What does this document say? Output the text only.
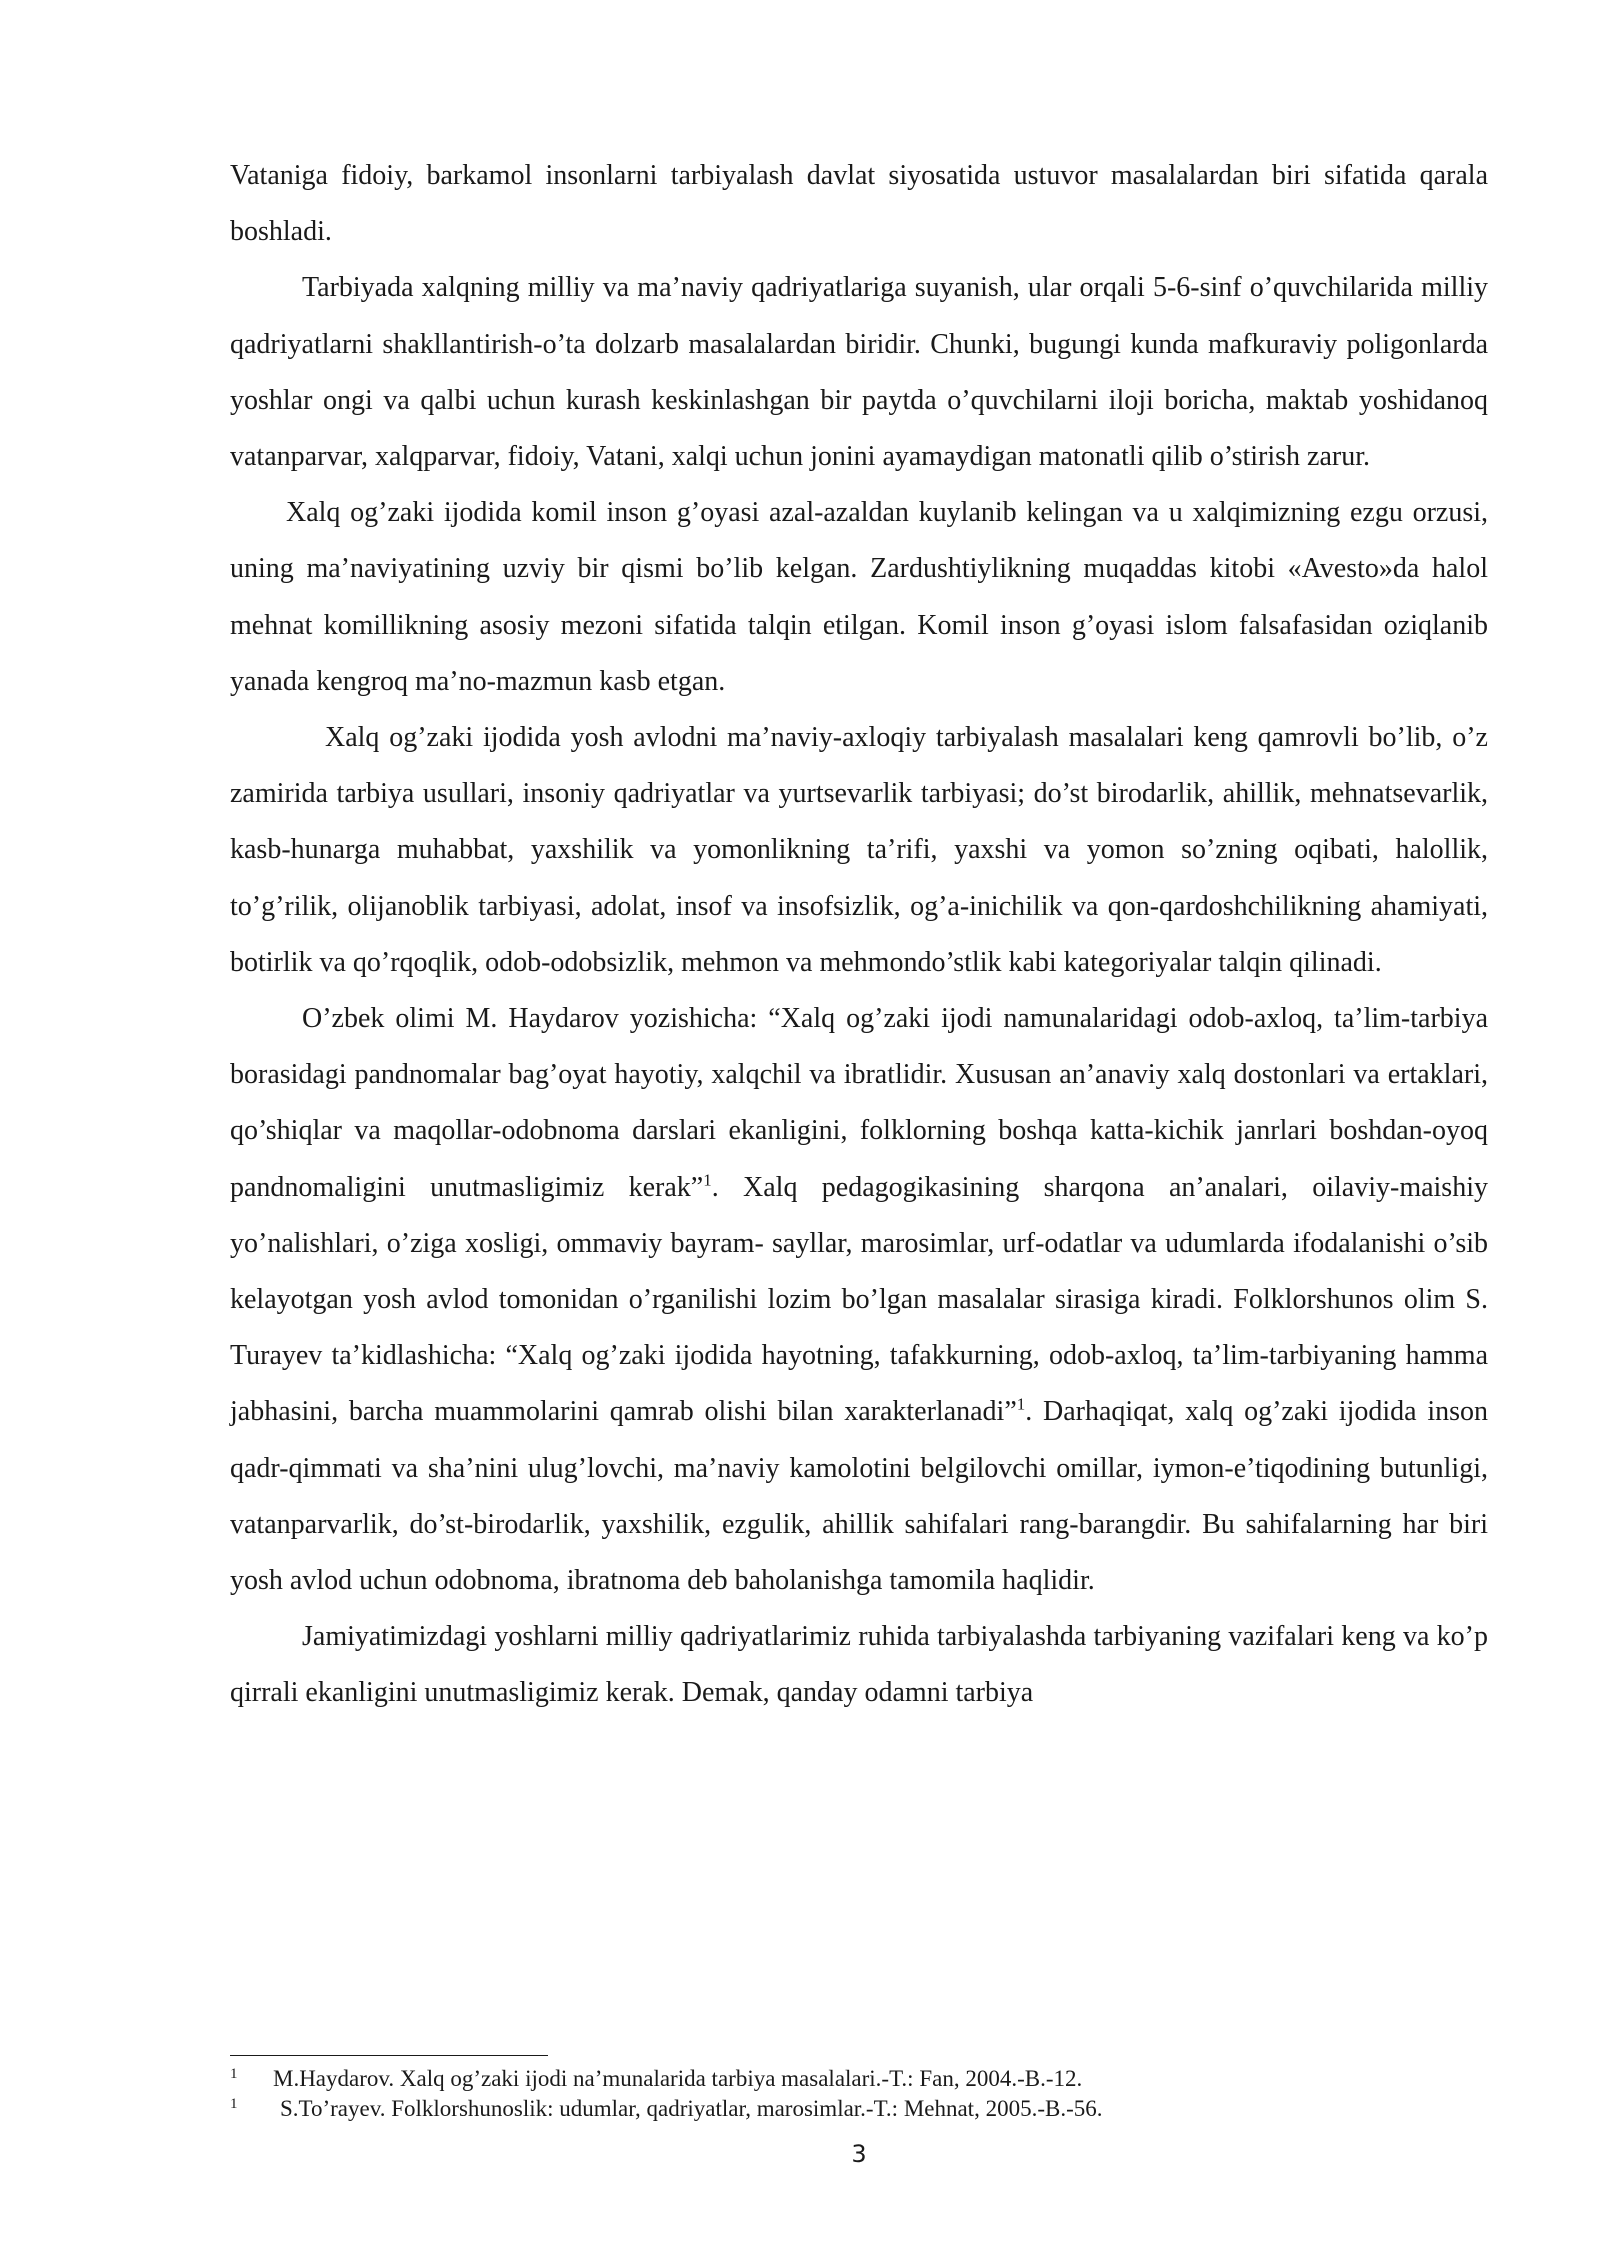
Vataniga fidoiy, barkamol insonlarni tarbiyalash davlat siyosatida ustuvor masalalardan biri sifatida qarala boshladi.

Tarbiyada xalqning milliy va ma’naviy qadriyatlariga suyanish, ular orqali 5-6-sinf o’quvchilarida milliy qadriyatlarni shakllantirish-o’ta dolzarb masalalardan biridir. Chunki, bugungi kunda mafkuraviy poligonlarda yoshlar ongi va qalbi uchun kurash keskinlashgan bir paytda o’quvchilarni iloji boricha, maktab yoshidanoq vatanparvar, xalqparvar, fidoiy, Vatani, xalqi uchun jonini ayamaydigan matonatli qilib o’stirish zarur.

Xalq og’zaki ijodida komil inson g’oyasi azal-azaldan kuylanib kelingan va u xalqimizning ezgu orzusi, uning ma’naviyatining uzviy bir qismi bo’lib kelgan. Zardushtiylikning muqaddas kitobi «Avesto»da halol mehnat komillikning asosiy mezoni sifatida talqin etilgan. Komil inson g’oyasi islom falsafasidan oziqlanib yanada kengroq ma’no-mazmun kasb etgan.

Xalq og’zaki ijodida yosh avlodni ma’naviy-axloqiy tarbiyalash masalalari keng qamrovli bo’lib, o’z zamirida tarbiya usullari, insoniy qadriyatlar va yurtsevarlik tarbiyasi; do’st birodarlik, ahillik, mehnatsevarlik, kasb-hunarga muhabbat, yaxshilik va yomonlikning ta’rifi, yaxshi va yomon so’zning oqibati, halollik, to’g’rilik, olijanoblik tarbiyasi, adolat, insof va insofsizlik, og’a-inichilik va qon-qardoshchilikning ahamiyati, botirlik va qo’rqoqlik, odob-odobsizlik, mehmon va mehmondo’stlik kabi kategoriyalar talqin qilinadi.

O’zbek olimi M. Haydarov yozishicha: “Xalq og’zaki ijodi namunalaridagi odob-axloq, ta’lim-tarbiya borasidagi pandnomalar bag’oyat hayotiy, xalqchil va ibratlidir. Xususan an’anaviy xalq dostonlari va ertaklari, qo’shiqlar va maqollar-odobnoma darslari ekanligini, folklorning boshqa katta-kichik janrlari boshdan-oyoq pandnomaligini unutmasligimiz kerak”$^1$. Xalq pedagogikasining sharqona an’analari, oilaviy-maishiy yo’nalishlari, o’ziga xosligi, ommaviy bayram- sayllar, marosimlar, urf-odatlar va udumlarda ifodalanishi o’sib kelayotgan yosh avlod tomonidan o’rganilishi lozim bo’lgan masalalar sirasiga kiradi. Folklorshunos olim S. Turayev ta’kidlashicha: “Xalq og’zaki ijodida hayotning, tafakkurning, odob-axloq, ta’lim-tarbiyaning hamma jabhasini, barcha muammolarini qamrab olishi bilan xarakterlanadi”$^1$. Darhaqiqat, xalq og’zaki ijodida inson qadr-qimmati va sha’nini ulug’lovchi, ma’naviy kamolotini belgilovchi omillar, iymon-e’tiqodining butunligi, vatanparvarlik, do’st-birodarlik, yaxshilik, ezgulik, ahillik sahifalari rang-barangdir. Bu sahifalarning har biri yosh avlod uchun odobnoma, ibratnoma deb baholanishga tamomila haqlidir.

Jamiyatimizdagi yoshlarni milliy qadriyatlarimiz ruhida tarbiyalashda tarbiyaning vazifalari keng va ko’p qirrali ekanligini unutmasligimiz kerak. Demak, qanday odamni tarbiya

1 M.Haydarov. Xalq og’zaki ijodi na’munalarida tarbiya masalalari.-T.: Fan, 2004.-B.-12.

1 S.To’rayev. Folklorshunoslik: udumlar, qadriyatlar, marosimlar.-T.: Mehnat, 2005.-B.-56.

3
